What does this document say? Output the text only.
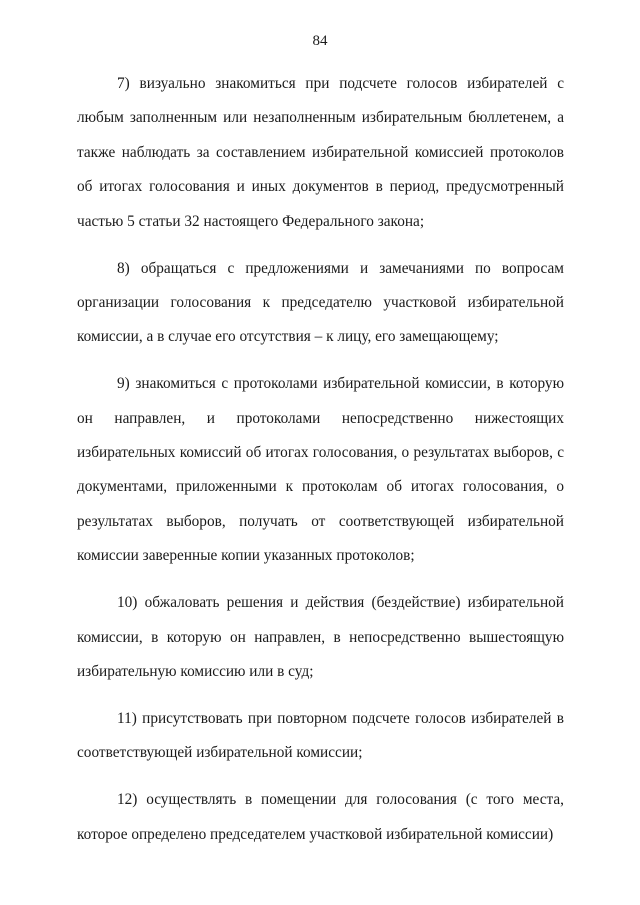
84

7) визуально знакомиться при подсчете голосов избирателей с любым заполненным или незаполненным избирательным бюллетенем, а также наблюдать за составлением избирательной комиссией протоколов об итогах голосования и иных документов в период, предусмотренный частью 5 статьи 32 настоящего Федерального закона;

8) обращаться с предложениями и замечаниями по вопросам организации голосования к председателю участковой избирательной комиссии, а в случае его отсутствия – к лицу, его замещающему;

9) знакомиться с протоколами избирательной комиссии, в которую он направлен, и протоколами непосредственно нижестоящих избирательных комиссий об итогах голосования, о результатах выборов, с документами, приложенными к протоколам об итогах голосования, о результатах выборов, получать от соответствующей избирательной комиссии заверенные копии указанных протоколов;

10) обжаловать решения и действия (бездействие) избирательной комиссии, в которую он направлен, в непосредственно вышестоящую избирательную комиссию или в суд;

11) присутствовать при повторном подсчете голосов избирателей в соответствующей избирательной комиссии;

12) осуществлять в помещении для голосования (с того места, которое определено председателем участковой избирательной комиссии)
